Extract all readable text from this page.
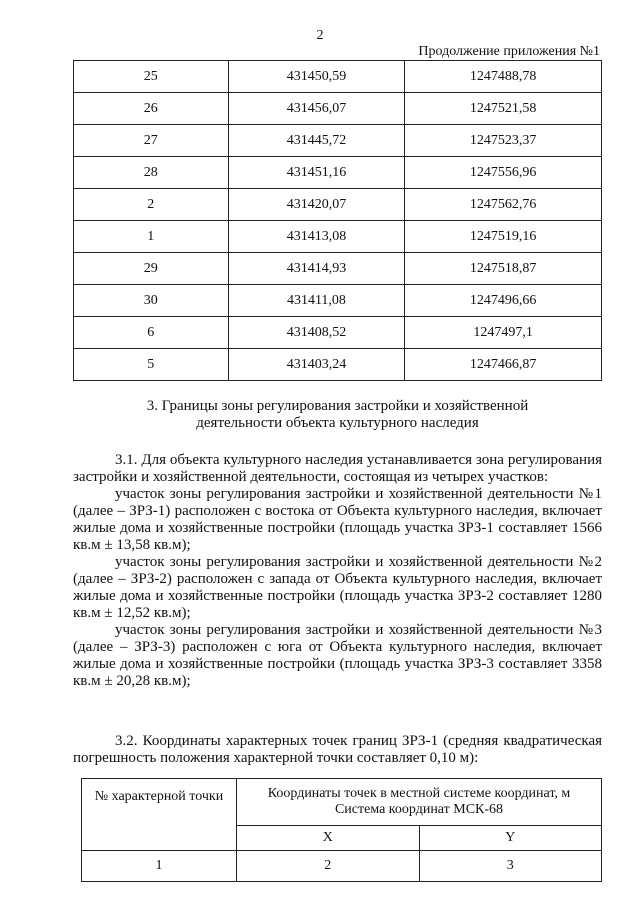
2
Продолжение приложения №1
25	431450,59	1247488,78
26	431456,07	1247521,58
27	431445,72	1247523,37
28	431451,16	1247556,96
2	431420,07	1247562,76
1	431413,08	1247519,16
29	431414,93	1247518,87
30	431411,08	1247496,66
6	431408,52	1247497,1
5	431403,24	1247466,87
3. Границы зоны регулирования застройки и хозяйственной
деятельности объекта культурного наследия

3.1. Для объекта культурного наследия устанавливается зона регулирования застройки и хозяйственной деятельности, состоящая из четырех участков:

участок зоны регулирования застройки и хозяйственной деятельности №1 (далее – ЗРЗ-1) расположен с востока от Объекта культурного наследия, включает жилые дома и хозяйственные постройки (площадь участка ЗРЗ-1 составляет 1566 кв.м ± 13,58 кв.м);

участок зоны регулирования застройки и хозяйственной деятельности №2 (далее – ЗРЗ-2) расположен с запада от Объекта культурного наследия, включает жилые дома и хозяйственные постройки (площадь участка ЗРЗ-2 составляет 1280 кв.м ± 12,52 кв.м);

участок зоны регулирования застройки и хозяйственной деятельности №3 (далее – ЗРЗ-3) расположен с юга от Объекта культурного наследия, включает жилые дома и хозяйственные постройки (площадь участка ЗРЗ-3 составляет 3358 кв.м ± 20,28 кв.м);

3.2. Координаты характерных точек границ ЗРЗ-1 (средняя квадратическая погрешность положения характерной точки составляет 0,10 м):

№ характерной точки	Координаты точек в местной системе координат, м
Система координат МСК-68	

	X	Y
1	2	3
